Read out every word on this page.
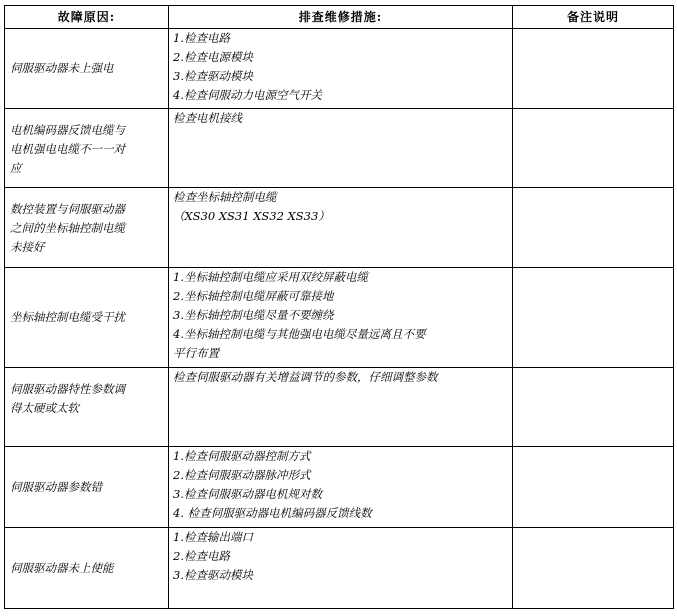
故障原因:	排查维修措施:	备注说明

伺服驱动器未上强电	1.检查电路
2.检查电源模块
3.检查驱动模块
4.检查伺服动力电源空气开关	

电机编码器反馈电缆与
电机强电电缆不一一对
应	检查电机接线	

数控装置与伺服驱动器
之间的坐标轴控制电缆
未接好	检查坐标轴控制电缆
（XS30 XS31 XS32 XS33）	

坐标轴控制电缆受干扰	1.坐标轴控制电缆应采用双绞屏蔽电缆
2.坐标轴控制电缆屏蔽可靠接地
3.坐标轴控制电缆尽量不要缠绕
4.坐标轴控制电缆与其他强电电缆尽量远离且不要
平行布置	

伺服驱动器特性参数调
得太硬或太软	检查伺服驱动器有关增益调节的参数，仔细调整参数	

伺服驱动器参数错	1.检查伺服驱动器控制方式
2.检查伺服驱动器脉冲形式
3.检查伺服驱动器电机规对数
4. 检查伺服驱动器电机编码器反馈线数	

伺服驱动器未上使能	1.检查输出端口
2.检查电路
3.检查驱动模块	
